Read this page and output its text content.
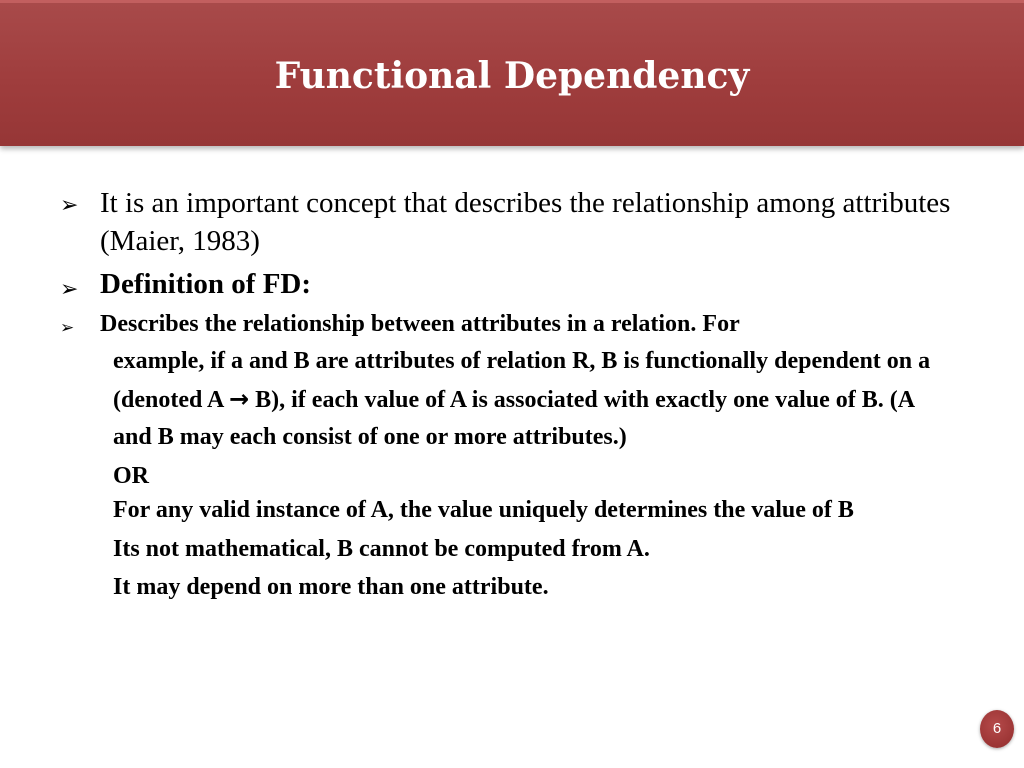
Functional Dependency
➢ It is an important concept that describes the relationship among attributes (Maier, 1983)
➢ Definition of FD:
➢ Describes the relationship between attributes in a relation. For
example, if a and B are attributes of relation R, B is functionally dependent on a (denoted A → B), if each value of A is associated with exactly one value of B. (A and B may each consist of one or more attributes.)
OR
For any valid instance of A, the value uniquely determines the value of B
Its not mathematical, B cannot be computed from A.
It may depend on more than one attribute.
6
